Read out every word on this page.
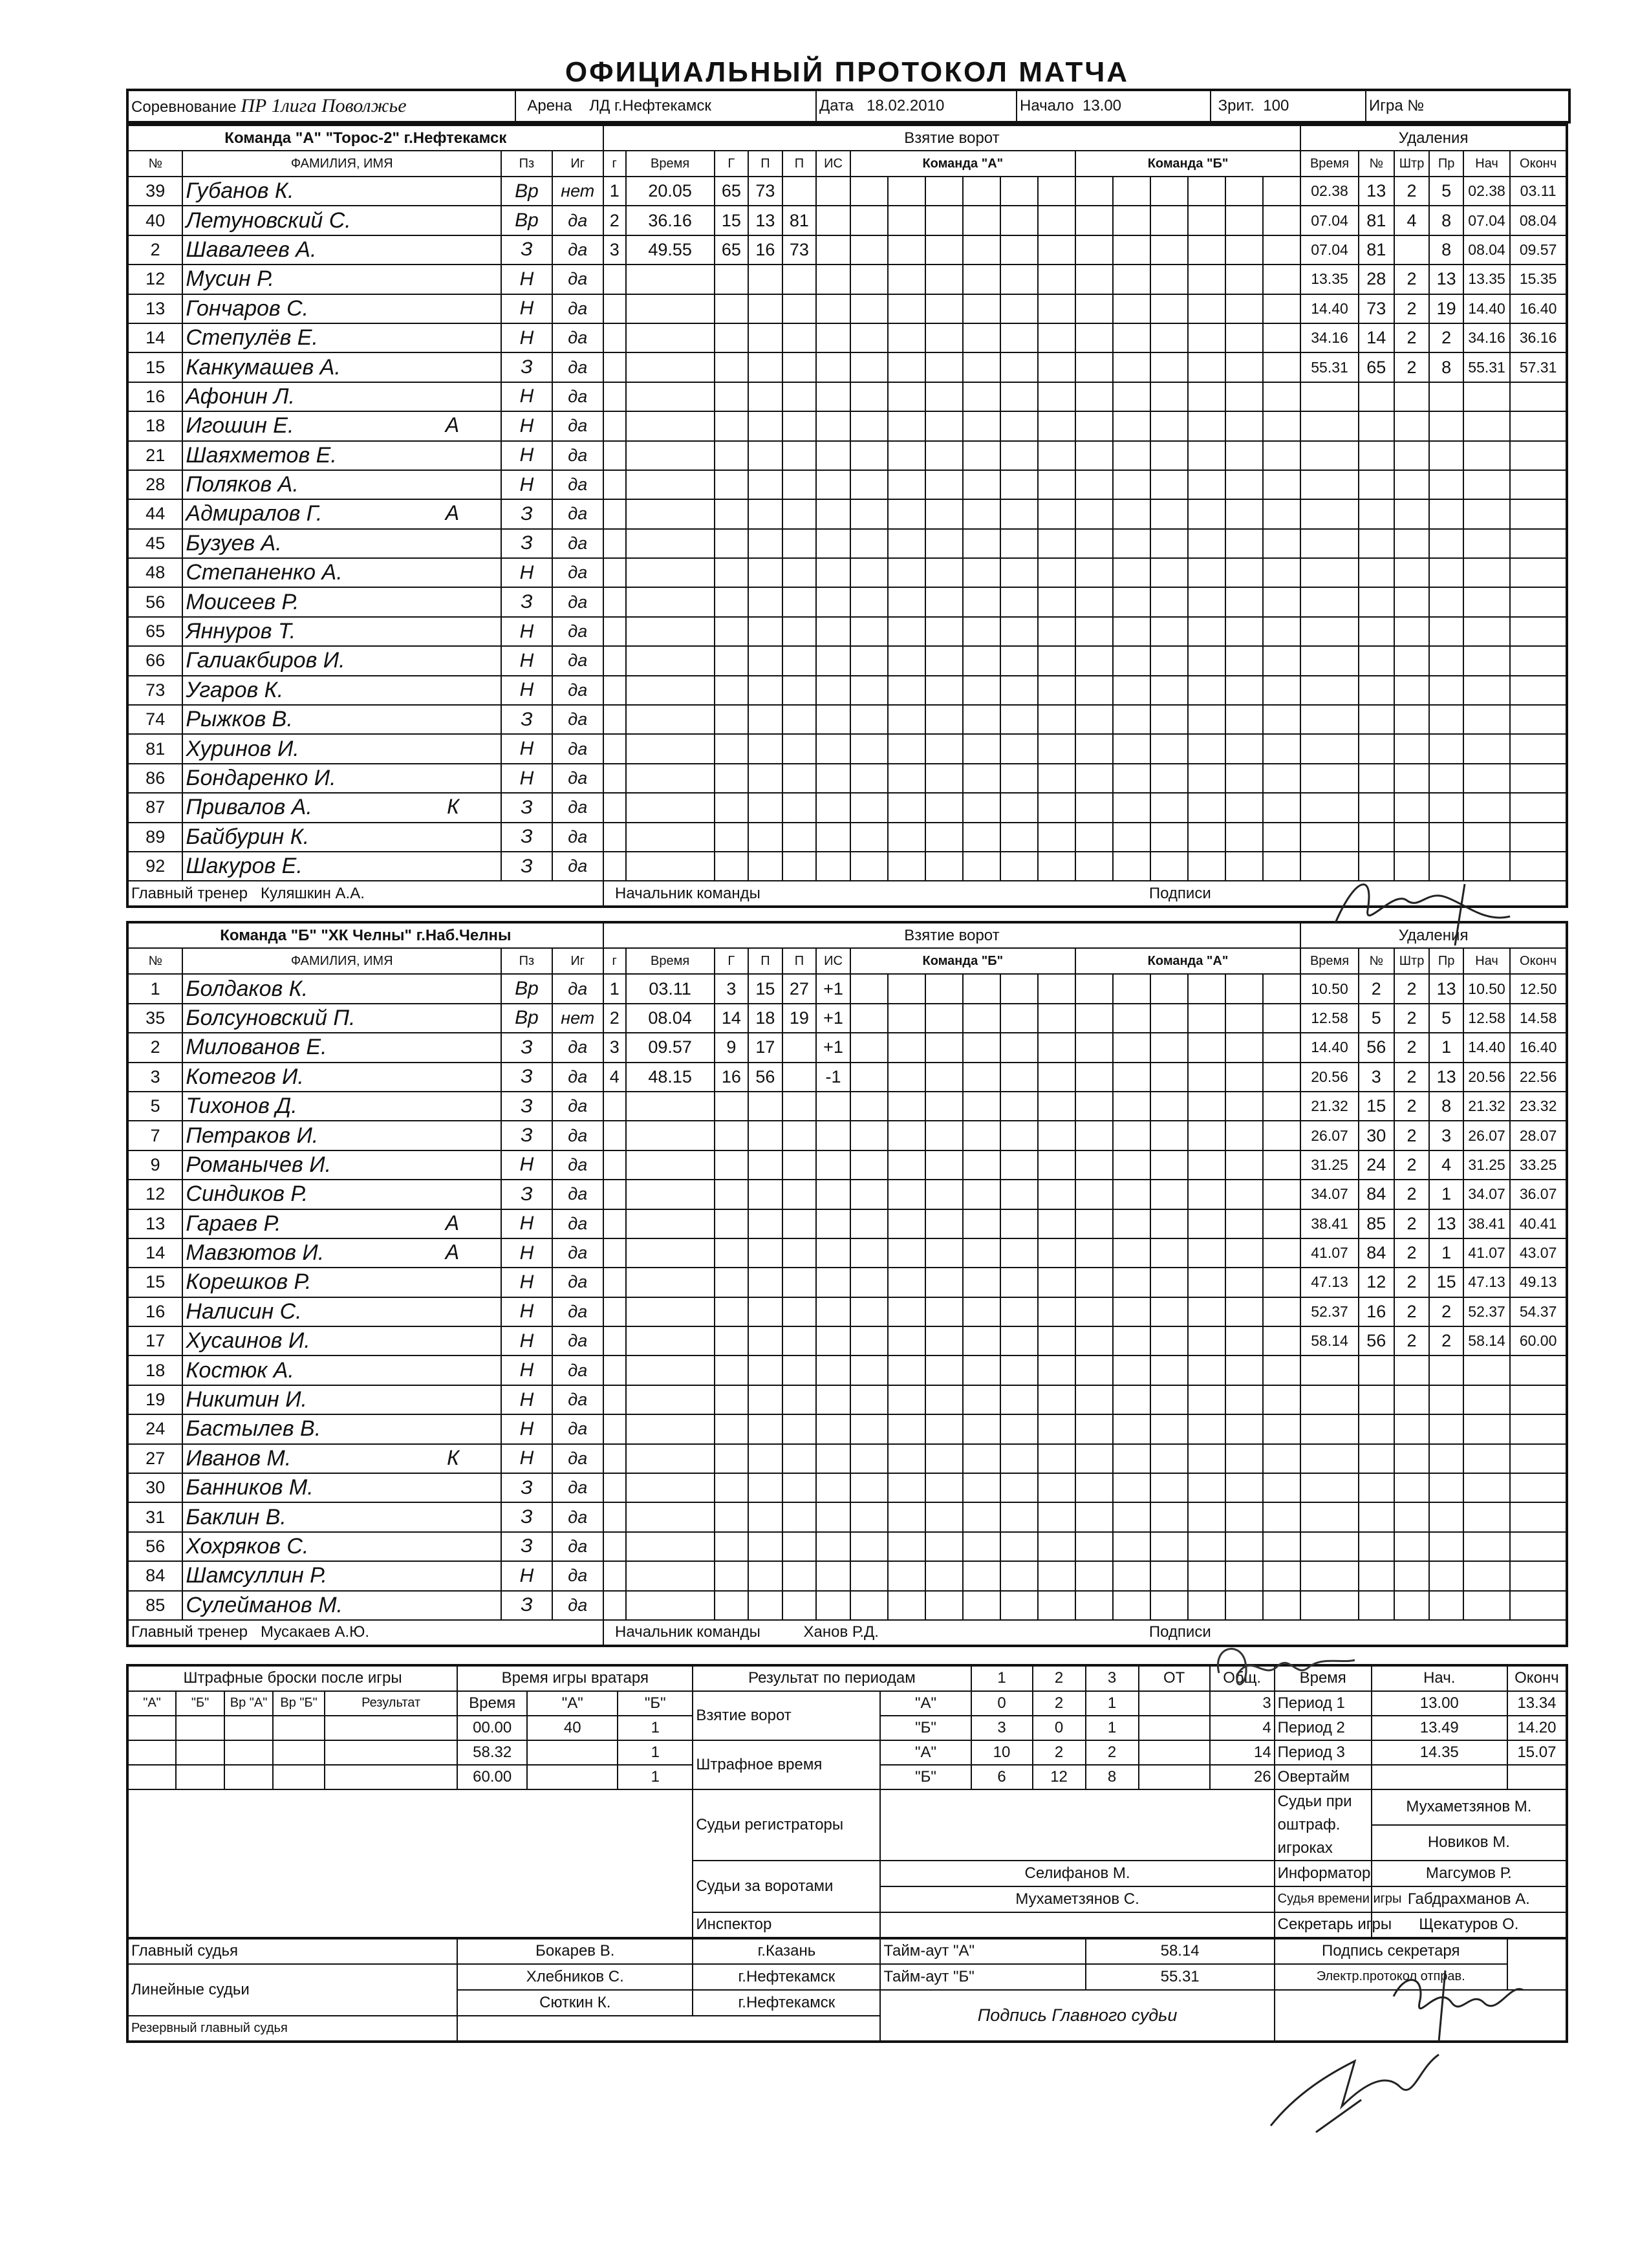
ОФИЦИАЛЬНЫЙ ПРОТОКОЛ МАТЧА
Соревнование ПР 1лига Поволжье	Арена ЛД г.Нефтекамск	Дата 18.02.2010	Начало 13.00	Зрит. 100	Игра №
Команда "А" "Торос-2" г.Нефтекамск				Взятие ворот																		Удаления					
№	ФАМИЛИЯ, ИМЯ	Пз	Иг	г	Время	Г	П	П	ИС	Команда "А"						Команда "Б"						Время	№	Штр	Пр	Нач	Оконч
39	Губанов К.	Вр	нет	1	20.05	65	73															02.38	13	2	5	02.38	03.11
40	Летуновский С.	Вр	да	2	36.16	15	13	81														07.04	81	4	8	07.04	08.04
2	Шавалеев А.	З	да	3	49.55	65	16	73														07.04	81		8	08.04	09.57
12	Мусин Р.	Н	да																			13.35	28	2	13	13.35	15.35
13	Гончаров С.	Н	да																			14.40	73	2	19	14.40	16.40
14	Степулёв Е.	Н	да																			34.16	14	2	2	34.16	36.16
15	Канкумашев А.	З	да																			55.31	65	2	8	55.31	57.31
16	Афонин Л.	Н	да																								
18	Игошин Е. А	Н	да																								
21	Шаяхметов Е.	Н	да																								
28	Поляков А.	Н	да																								
44	Адмиралов Г. А	З	да																								
45	Бузуев А.	З	да																								
48	Степаненко А.	Н	да																								
56	Моисеев Р.	З	да																								
65	Яннуров Т.	Н	да																								
66	Галиакбиров И.	Н	да																								
73	Угаров К.	Н	да																								
74	Рыжков В.	З	да																								
81	Хуринов И.	Н	да																								
86	Бондаренко И.	Н	да																								
87	Привалов А. К	З	да																								
89	Байбурин К.	З	да																								
92	Шакуров Е.	З	да																								
Главный тренер Куляшкин А.А.				Начальник команды												Подписи											
Команда "Б" "ХК Челны" г.Наб.Челны				Взятие ворот																		Удаления					
№	ФАМИЛИЯ, ИМЯ	Пз	Иг	г	Время	Г	П	П	ИС	Команда "Б"						Команда "А"						Время	№	Штр	Пр	Нач	Оконч
1	Болдаков К.	Вр	да	1	03.11	3	15	27	+1													10.50	2	2	13	10.50	12.50
35	Болсуновский П.	Вр	нет	2	08.04	14	18	19	+1													12.58	5	2	5	12.58	14.58
2	Милованов Е.	З	да	3	09.57	9	17		+1													14.40	56	2	1	14.40	16.40
3	Котегов И.	З	да	4	48.15	16	56		-1													20.56	3	2	13	20.56	22.56
5	Тихонов Д.	З	да																			21.32	15	2	8	21.32	23.32
7	Петраков И.	З	да																			26.07	30	2	3	26.07	28.07
9	Романычев И.	Н	да																			31.25	24	2	4	31.25	33.25
12	Синдиков Р.	З	да																			34.07	84	2	1	34.07	36.07
13	Гараев Р. А	Н	да																			38.41	85	2	13	38.41	40.41
14	Мавзютов И. А	Н	да																			41.07	84	2	1	41.07	43.07
15	Корешков Р.	Н	да																			47.13	12	2	15	47.13	49.13
16	Налисин С.	Н	да																			52.37	16	2	2	52.37	54.37
17	Хусаинов И.	Н	да																			58.14	56	2	2	58.14	60.00
18	Костюк А.	Н	да																								
19	Никитин И.	Н	да																								
24	Бастылев В.	Н	да																								
27	Иванов М. К	Н	да																								
30	Банников М.	З	да																								
31	Баклин В.	З	да																								
56	Хохряков С.	З	да																								
84	Шамсуллин Р.	Н	да																								
85	Сулейманов М.	З	да																								
Главный тренер Мусакаев А.Ю.				Начальник команды Ханов Р.Д.												Подписи											
Штрафные броски после игры					Время игры вратаря			Результат по периодам		1	2	3	ОТ	Общ.	Время	Нач.	Оконч
"А"	"Б"	Вр "А"	Вр "Б"	Результат	Время	"А"	"Б"	Взятие ворот	"А"	0	2	1		3	Период 1	13.00	13.34
					00.00	40	1		"Б"	3	0	1		4	Период 2	13.49	14.20
					58.32		1	Штрафное время	"А"	10	2	2		14	Период 3	14.35	15.07
					60.00		1		"Б"	6	12	8		26	Овертайм		
								Судьи регистраторы							Судьи при оштраф. игроках	Мухаметзянов М.	
																Новиков М.	
								Судьи за воротами	Селифанов М.						Информатор	Магсумов Р.	
									Мухаметзянов С.						Судья времени игры	Габдрахманов А.	
								Инспектор							Секретарь игры	Щекатуров О.	
Главный судья					Бокарев В.			г.Казань	Тайм-аут "А"			58.14			Подпись секретаря		
Линейные судьи					Хлебников С.			г.Нефтекамск	Тайм-аут "Б"			55.31			Электр.протокол отправ.		
					Сюткин К.			г.Нефтекамск	Подпись Главного судьи								
Резервный главный судья																	
